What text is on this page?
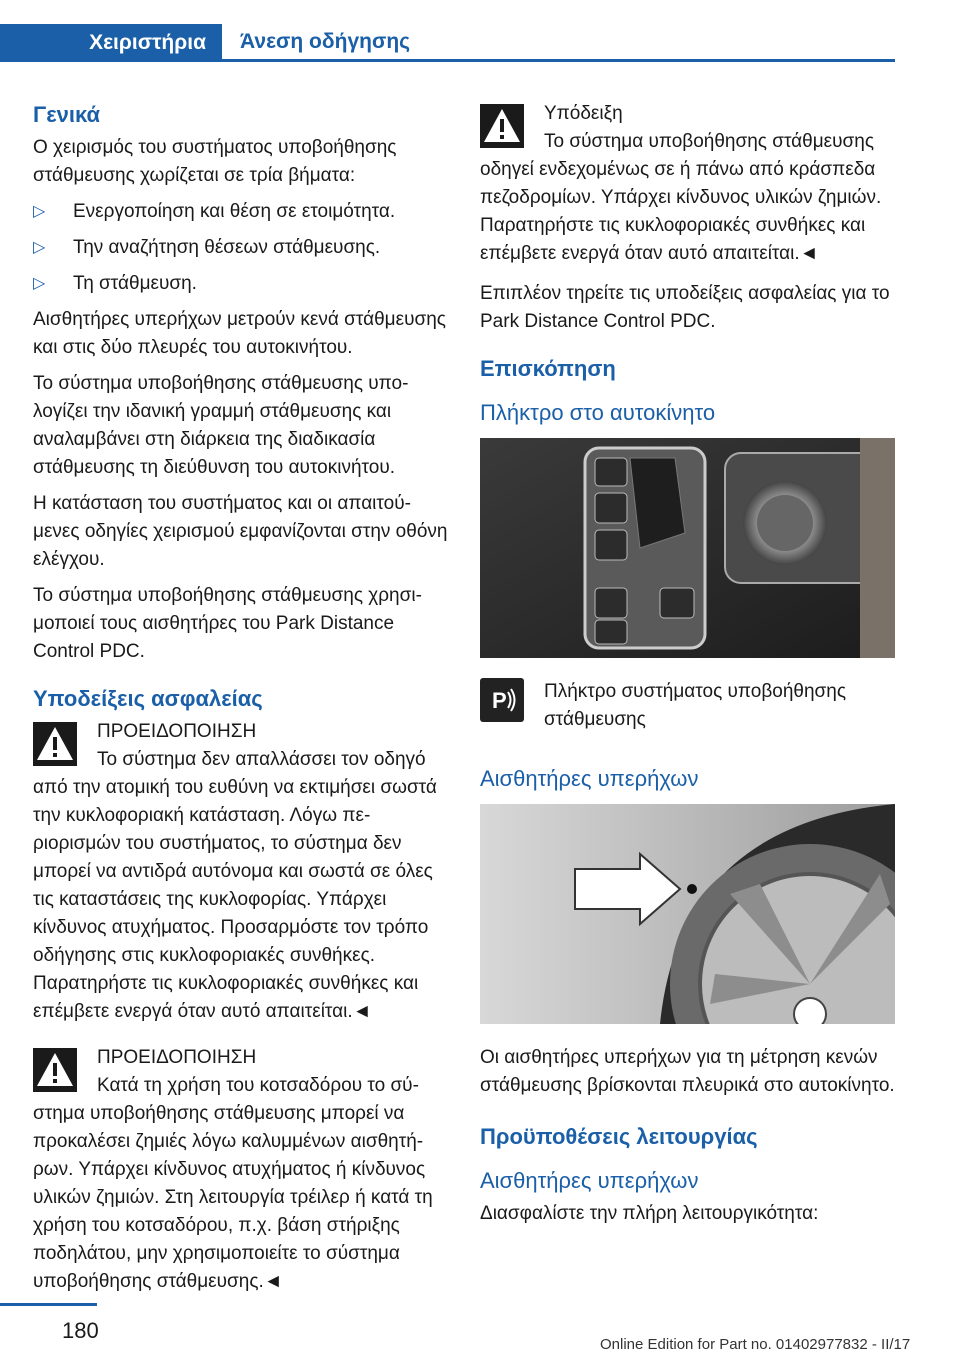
Χειριστήρια	Άνεση οδήγησης
Γενικά

Ο χειρισμός του συστήματος υποβοήθησης στάθμευσης χωρίζεται σε τρία βήματα:

▷ Ενεργοποίηση και θέση σε ετοιμότητα.
▷ Την αναζήτηση θέσεων στάθμευσης.
▷ Τη στάθμευση.

Αισθητήρες υπερήχων μετρούν κενά στάθμευσης και στις δύο πλευρές του αυτοκινήτου.

Το σύστημα υποβοήθησης στάθμευσης υπολογίζει την ιδανική γραμμή στάθμευσης και αναλαμβάνει στη διάρκεια της διαδικασία στάθμευσης τη διεύθυνση του αυτοκινήτου.

Η κατάσταση του συστήματος και οι απαιτούμενες οδηγίες χειρισμού εμφανίζονται στην οθόνη ελέγχου.

Το σύστημα υποβοήθησης στάθμευσης χρησιμοποιεί τους αισθητήρες του Park Distance Control PDC.

Υποδείξεις ασφαλείας
ΠΡΟΕΙΔΟΠΟΙΗΣΗ
Το σύστημα δεν απαλλάσσει τον οδηγό από την ατομική του ευθύνη να εκτιμήσει σωστά την κυκλοφοριακή κατάσταση. Λόγω περιορισμών του συστήματος, το σύστημα δεν μπορεί να αντιδρά αυτόνομα και σωστά σε όλες τις καταστάσεις της κυκλοφορίας. Υπάρχει κίνδυνος ατυχήματος. Προσαρμόστε τον τρόπο οδήγησης στις κυκλοφοριακές συνθήκες. Παρατηρήστε τις κυκλοφοριακές συνθήκες και επέμβετε ενεργά όταν αυτό απαιτείται.◄
ΠΡΟΕΙΔΟΠΟΙΗΣΗ
Κατά τη χρήση του κοτσαδόρου το σύστημα υποβοήθησης στάθμευσης μπορεί να προκαλέσει ζημιές λόγω καλυμμένων αισθητήρων. Υπάρχει κίνδυνος ατυχήματος ή κίνδυνος υλικών ζημιών. Στη λειτουργία τρέιλερ ή κατά τη χρήση του κοτσαδόρου, π.χ. βάση στήριξης ποδηλάτου, μην χρησιμοποιείτε το σύστημα υποβοήθησης στάθμευσης.◄
Υπόδειξη
Το σύστημα υποβοήθησης στάθμευσης οδηγεί ενδεχομένως σε ή πάνω από κράσπεδα πεζοδρομίων. Υπάρχει κίνδυνος υλικών ζημιών. Παρατηρήστε τις κυκλοφοριακές συνθήκες και επέμβετε ενεργά όταν αυτό απαιτείται.◄

Επιπλέον τηρείτε τις υποδείξεις ασφαλείας για το Park Distance Control PDC.

Επισκόπηση
Πλήκτρο στο αυτοκίνητο
P Πλήκτρο συστήματος υποβοήθησης στάθμευσης
Αισθητήρες υπερήχων

Οι αισθητήρες υπερήχων για τη μέτρηση κενών στάθμευσης βρίσκονται πλευρικά στο αυτοκίνητο.

Προϋποθέσεις λειτουργίας
Αισθητήρες υπερήχων

Διασφαλίστε την πλήρη λειτουργικότητα:

180
Online Edition for Part no. 01402977832 - II/17
